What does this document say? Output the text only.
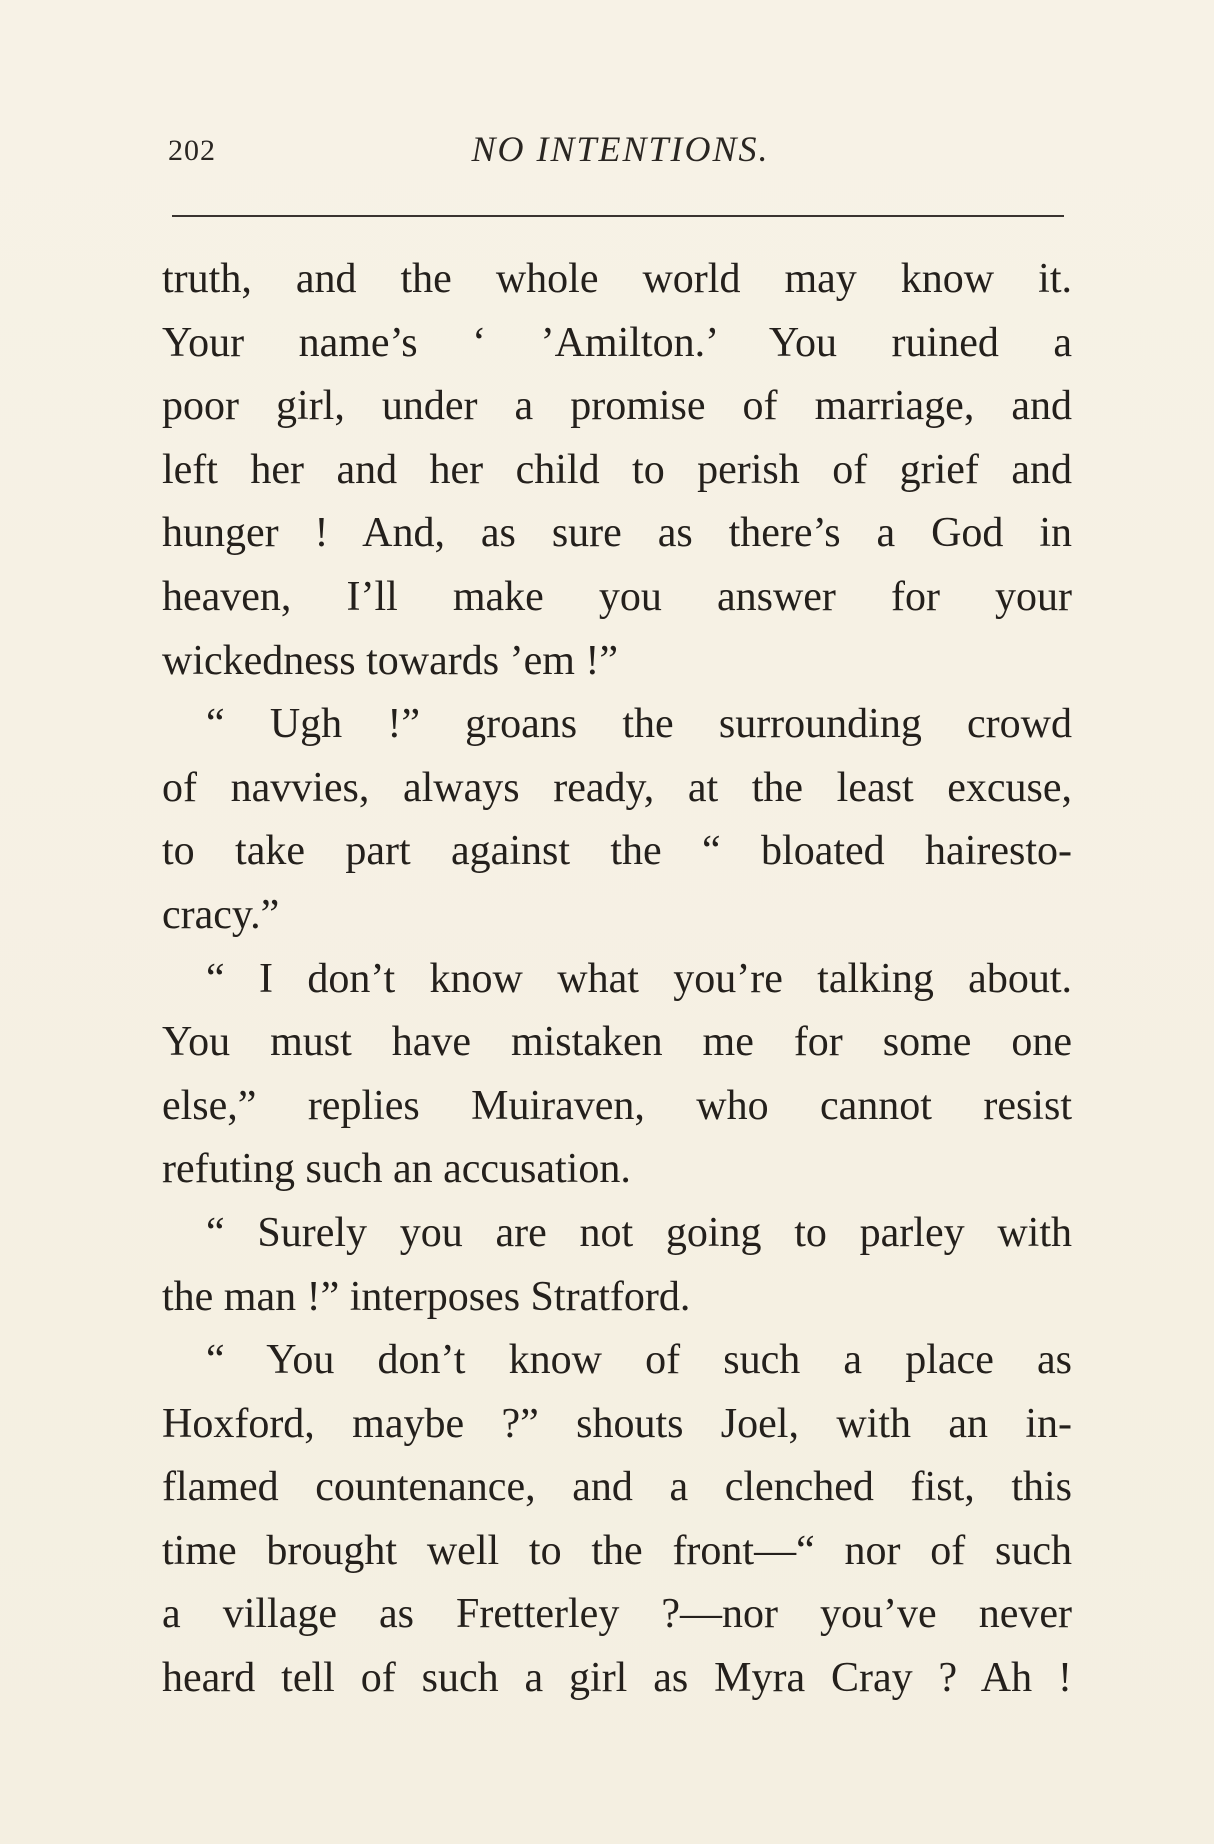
202	NO INTENTIONS.
truth, and the whole world may know it.
Your name’s ‘ ’Amilton.’ You ruined a
poor girl, under a promise of marriage, and
left her and her child to perish of grief and
hunger ! And, as sure as there’s a God in
heaven, I’ll make you answer for your
wickedness towards ’em !”
“ Ugh !” groans the surrounding crowd
of navvies, always ready, at the least excuse,
to take part against the “ bloated hairesto-
cracy.”
“ I don’t know what you’re talking about.
You must have mistaken me for some one
else,” replies Muiraven, who cannot resist
refuting such an accusation.
“ Surely you are not going to parley with
the man !” interposes Stratford.
“ You don’t know of such a place as
Hoxford, maybe ?” shouts Joel, with an in-
flamed countenance, and a clenched fist, this
time brought well to the front—“ nor of such
a village as Fretterley ?—nor you’ve never
heard tell of such a girl as Myra Cray ? Ah !
